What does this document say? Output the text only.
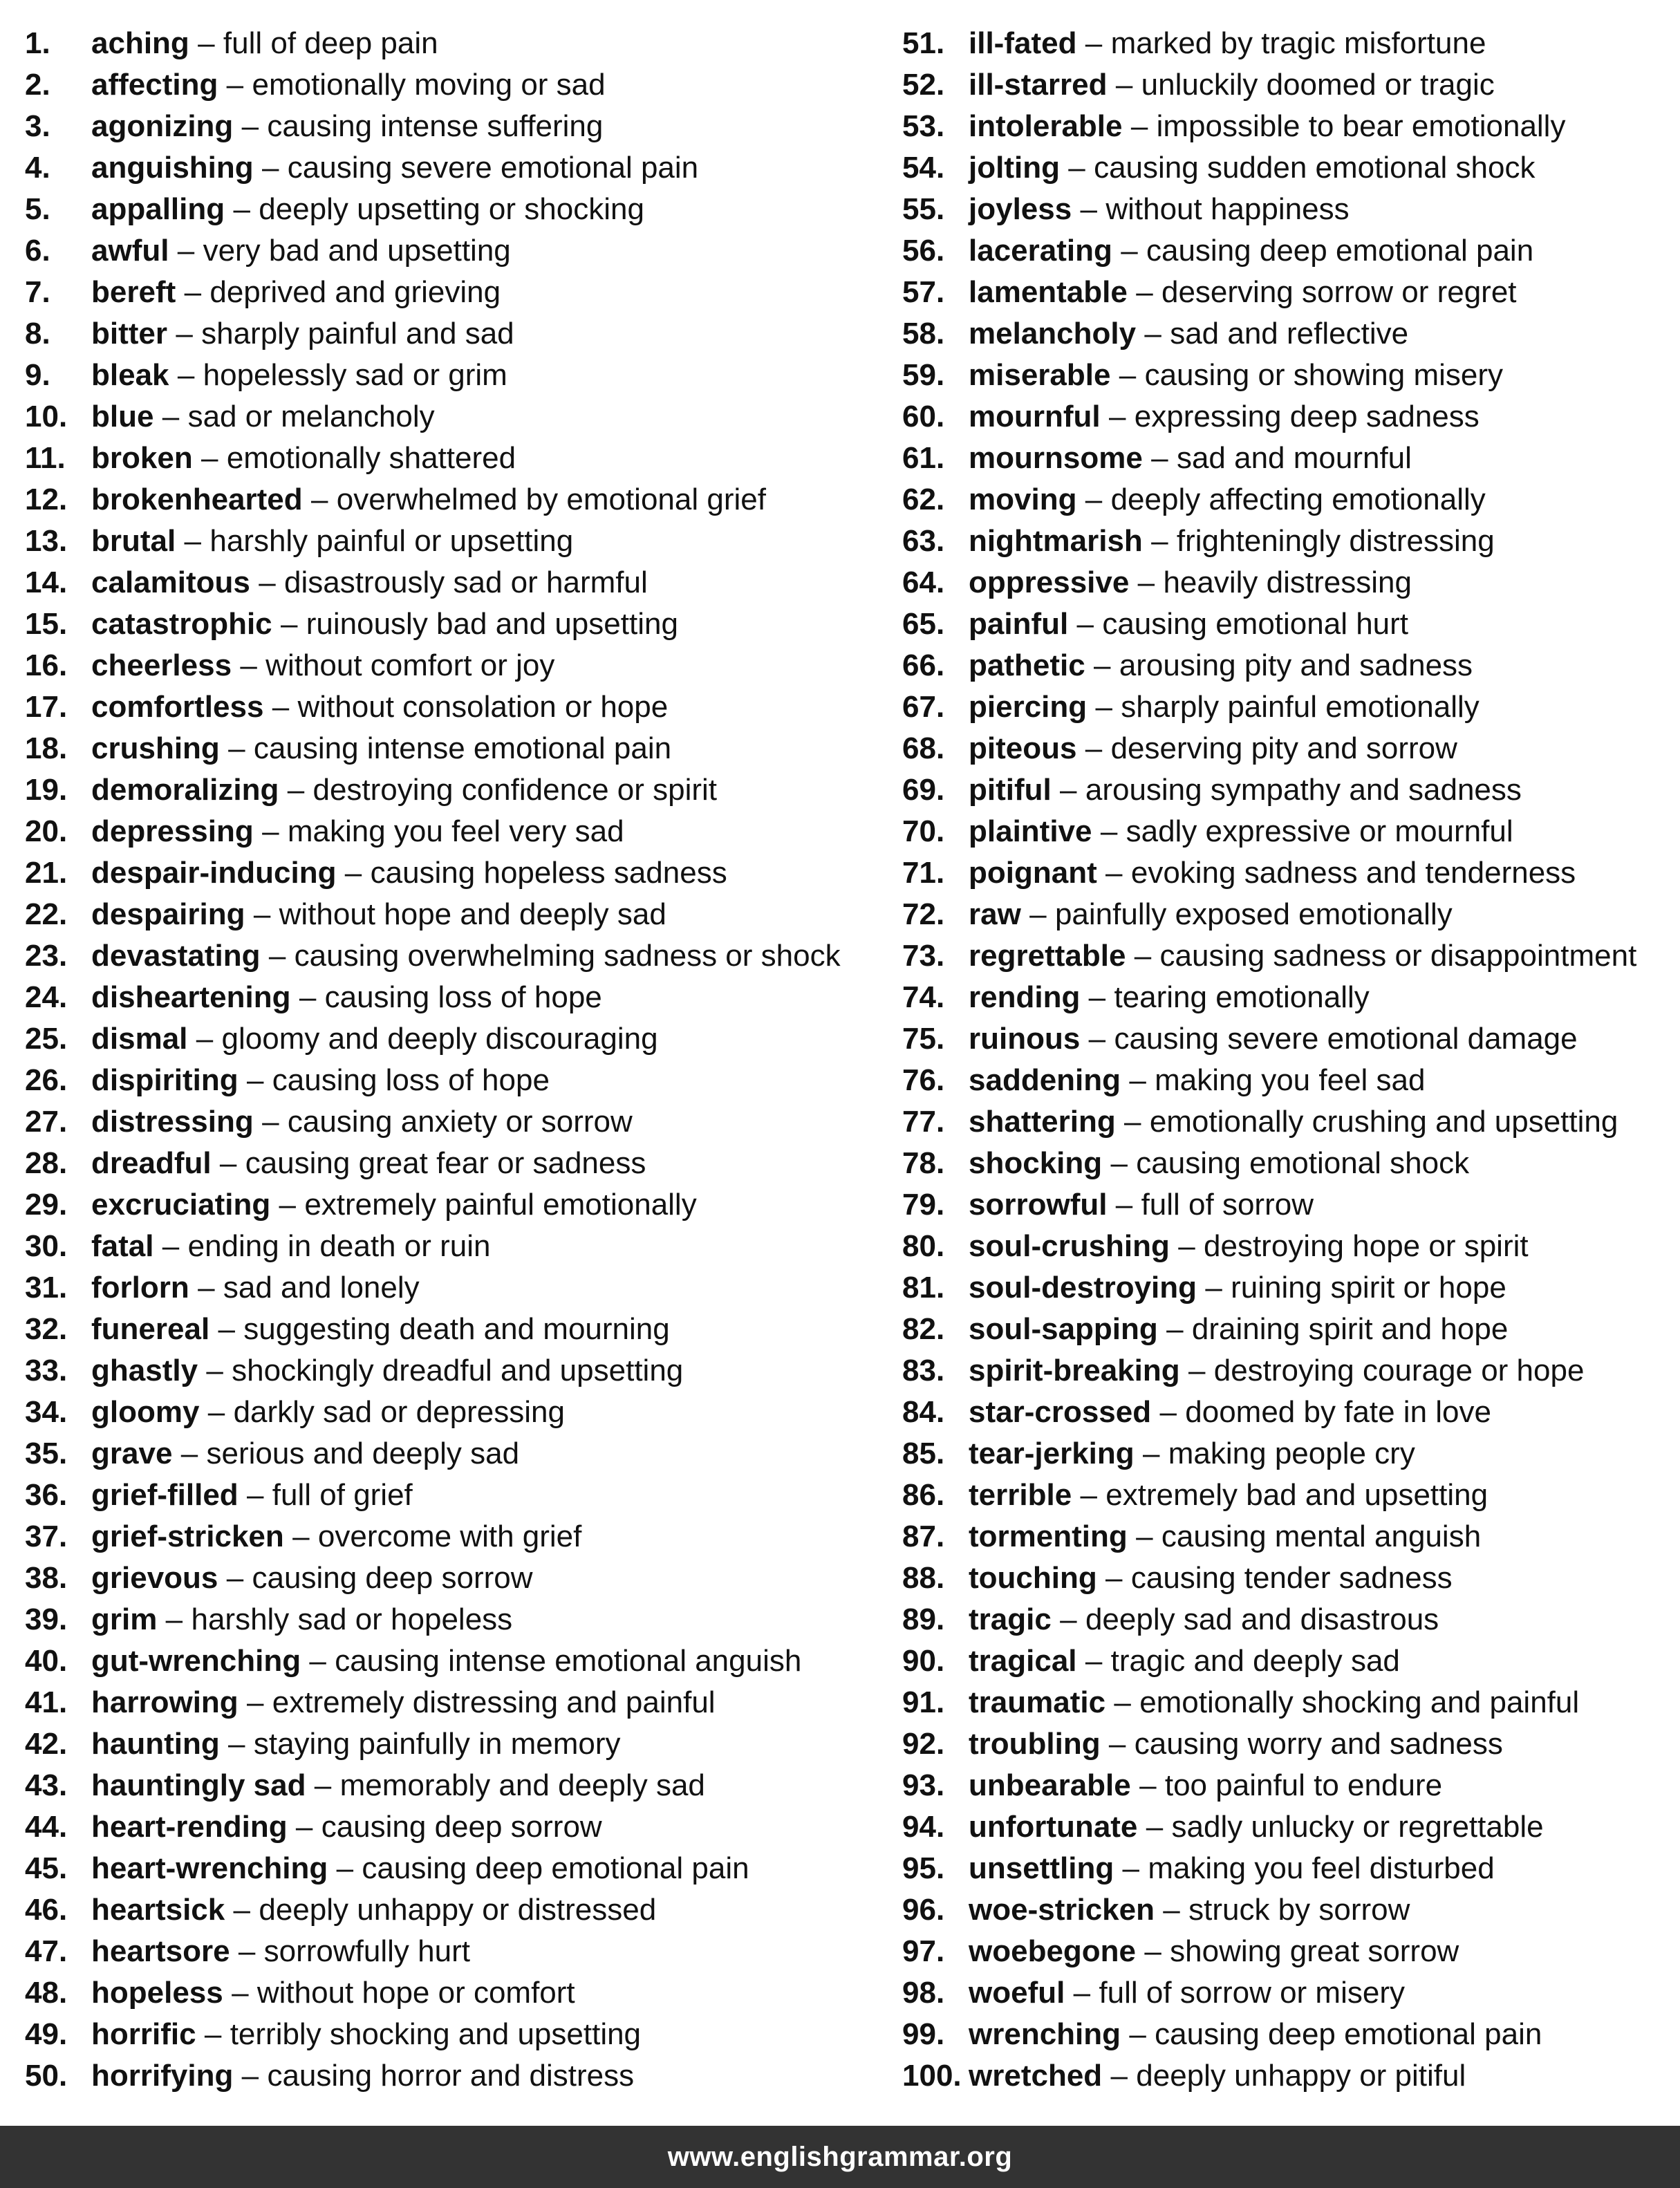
1.	aching – full of deep pain
2.	affecting – emotionally moving or sad
3.	agonizing – causing intense suffering
4.	anguishing – causing severe emotional pain
5.	appalling – deeply upsetting or shocking
6.	awful – very bad and upsetting
7.	bereft – deprived and grieving
8.	bitter – sharply painful and sad
9.	bleak – hopelessly sad or grim
10. blue – sad or melancholy
11. broken – emotionally shattered
12. brokenhearted – overwhelmed by emotional grief
13. brutal – harshly painful or upsetting
14. calamitous – disastrously sad or harmful
15. catastrophic – ruinously bad and upsetting
16. cheerless – without comfort or joy
17. comfortless – without consolation or hope
18. crushing – causing intense emotional pain
19. demoralizing – destroying confidence or spirit
20. depressing – making you feel very sad
21. despair-inducing – causing hopeless sadness
22. despairing – without hope and deeply sad
23. devastating – causing overwhelming sadness or shock
24. disheartening – causing loss of hope
25. dismal – gloomy and deeply discouraging
26. dispiriting – causing loss of hope
27. distressing – causing anxiety or sorrow
28. dreadful – causing great fear or sadness
29. excruciating – extremely painful emotionally
30. fatal – ending in death or ruin
31. forlorn – sad and lonely
32. funereal – suggesting death and mourning
33. ghastly – shockingly dreadful and upsetting
34. gloomy – darkly sad or depressing
35. grave – serious and deeply sad
36. grief-filled – full of grief
37. grief-stricken – overcome with grief
38. grievous – causing deep sorrow
39. grim – harshly sad or hopeless
40. gut-wrenching – causing intense emotional anguish
41. harrowing – extremely distressing and painful
42. haunting – staying painfully in memory
43. hauntingly sad – memorably and deeply sad
44. heart-rending – causing deep sorrow
45. heart-wrenching – causing deep emotional pain
46. heartsick – deeply unhappy or distressed
47. heartsore – sorrowfully hurt
48. hopeless – without hope or comfort
49. horrific – terribly shocking and upsetting
50. horrifying – causing horror and distress
51. ill-fated – marked by tragic misfortune
52. ill-starred – unluckily doomed or tragic
53. intolerable – impossible to bear emotionally
54. jolting – causing sudden emotional shock
55. joyless – without happiness
56. lacerating – causing deep emotional pain
57. lamentable – deserving sorrow or regret
58. melancholy – sad and reflective
59. miserable – causing or showing misery
60. mournful – expressing deep sadness
61. mournsome – sad and mournful
62. moving – deeply affecting emotionally
63. nightmarish – frighteningly distressing
64. oppressive – heavily distressing
65. painful – causing emotional hurt
66. pathetic – arousing pity and sadness
67. piercing – sharply painful emotionally
68. piteous – deserving pity and sorrow
69. pitiful – arousing sympathy and sadness
70. plaintive – sadly expressive or mournful
71. poignant – evoking sadness and tenderness
72. raw – painfully exposed emotionally
73. regrettable – causing sadness or disappointment
74. rending – tearing emotionally
75. ruinous – causing severe emotional damage
76. saddening – making you feel sad
77. shattering – emotionally crushing and upsetting
78. shocking – causing emotional shock
79. sorrowful – full of sorrow
80. soul-crushing – destroying hope or spirit
81. soul-destroying – ruining spirit or hope
82. soul-sapping – draining spirit and hope
83. spirit-breaking – destroying courage or hope
84. star-crossed – doomed by fate in love
85. tear-jerking – making people cry
86. terrible – extremely bad and upsetting
87. tormenting – causing mental anguish
88. touching – causing tender sadness
89. tragic – deeply sad and disastrous
90. tragical – tragic and deeply sad
91. traumatic – emotionally shocking and painful
92. troubling – causing worry and sadness
93. unbearable – too painful to endure
94. unfortunate – sadly unlucky or regrettable
95. unsettling – making you feel disturbed
96. woe-stricken – struck by sorrow
97. woebegone – showing great sorrow
98. woeful – full of sorrow or misery
99. wrenching – causing deep emotional pain
100. wretched – deeply unhappy or pitiful
www.englishgrammar.org
